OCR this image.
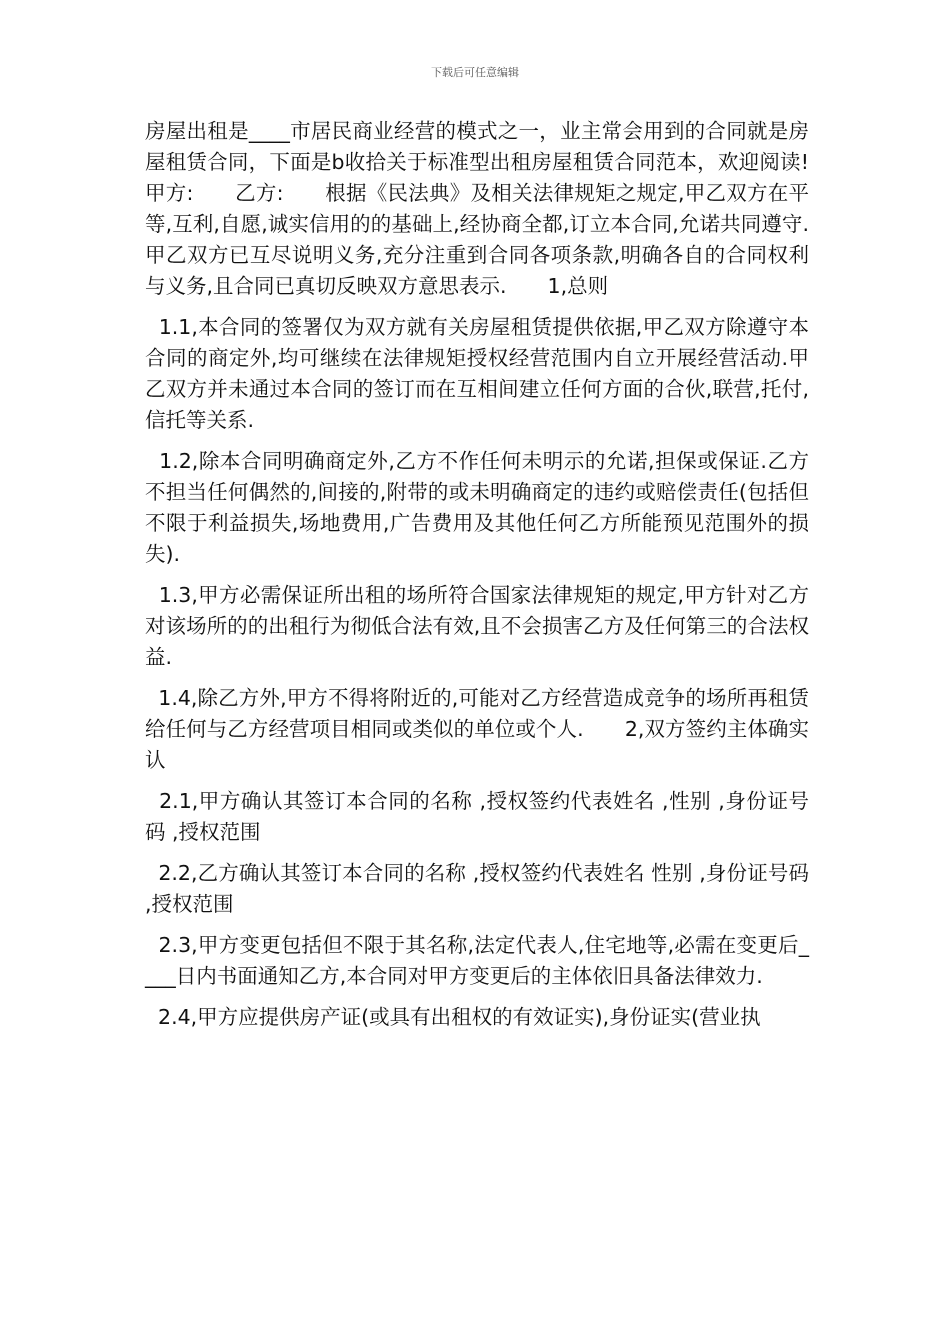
下载后可任意编辑

房屋出租是____市居民商业经营的模式之一，业主常会用到的合同就是房屋租赁合同，下面是b收拾关于标准型出租房屋租赁合同范本，欢迎阅读!　　甲方:　　乙方:　　根据《民法典》及相关法律规矩之规定,甲乙双方在平等,互利,自愿,诚实信用的的基础上,经协商全都,订立本合同,允诺共同遵守.　　甲乙双方已互尽说明义务,充分注重到合同各项条款,明确各自的合同权利与义务,且合同已真切反映双方意思表示.　　1,总则

1.1,本合同的签署仅为双方就有关房屋租赁提供依据,甲乙双方除遵守本合同的商定外,均可继续在法律规矩授权经营范围内自立开展经营活动.甲乙双方并未通过本合同的签订而在互相间建立任何方面的合伙,联营,托付,信托等关系.

1.2,除本合同明确商定外,乙方不作任何未明示的允诺,担保或保证.乙方不担当任何偶然的,间接的,附带的或未明确商定的违约或赔偿责任(包括但不限于利益损失,场地费用,广告费用及其他任何乙方所能预见范围外的损失).

1.3,甲方必需保证所出租的场所符合国家法律规矩的规定,甲方针对乙方对该场所的的出租行为彻低合法有效,且不会损害乙方及任何第三的合法权益.

1.4,除乙方外,甲方不得将附近的,可能对乙方经营造成竞争的场所再租赁给任何与乙方经营项目相同或类似的单位或个人.　　2,双方签约主体确实认

2.1,甲方确认其签订本合同的名称 ,授权签约代表姓名 ,性别 ,身份证号码 ,授权范围

2.2,乙方确认其签订本合同的名称 ,授权签约代表姓名 性别 ,身份证号码 ,授权范围

2.3,甲方变更包括但不限于其名称,法定代表人,住宅地等,必需在变更后____日内书面通知乙方,本合同对甲方变更后的主体依旧具备法律效力.

2.4,甲方应提供房产证(或具有出租权的有效证实),身份证实(营业执
